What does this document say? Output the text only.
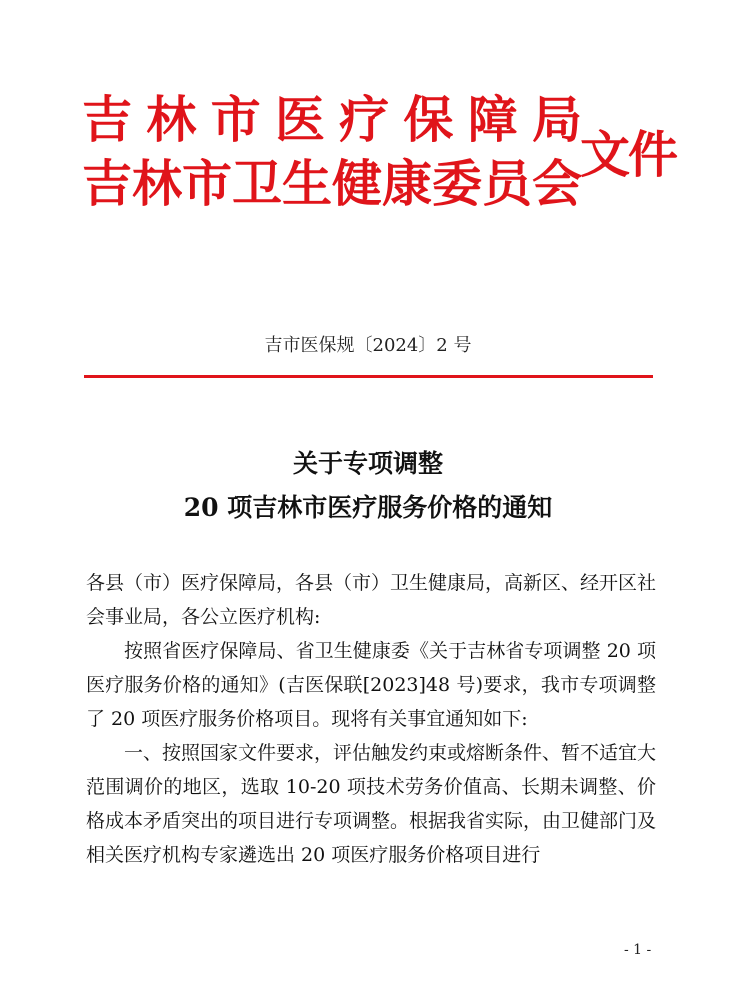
吉 林 市 医 疗 保 障 局
吉 林 市 卫 生 健 康 委 员 会
文件
吉市医保规〔2024〕2 号
关于专项调整
20 项吉林市医疗服务价格的通知

各县（市）医疗保障局，各县（市）卫生健康局，高新区、经开区社会事业局，各公立医疗机构:

按照省医疗保障局、省卫生健康委《关于吉林省专项调整 20 项医疗服务价格的通知》(吉医保联[2023]48 号)要求，我市专项调整了 20 项医疗服务价格项目。现将有关事宜通知如下:

一、按照国家文件要求，评估触发约束或熔断条件、暂不适宜大范围调价的地区，选取 10-20 项技术劳务价值高、长期未调整、价格成本矛盾突出的项目进行专项调整。根据我省实际，由卫健部门及相关医疗机构专家遴选出 20 项医疗服务价格项目进行

- 1 -
